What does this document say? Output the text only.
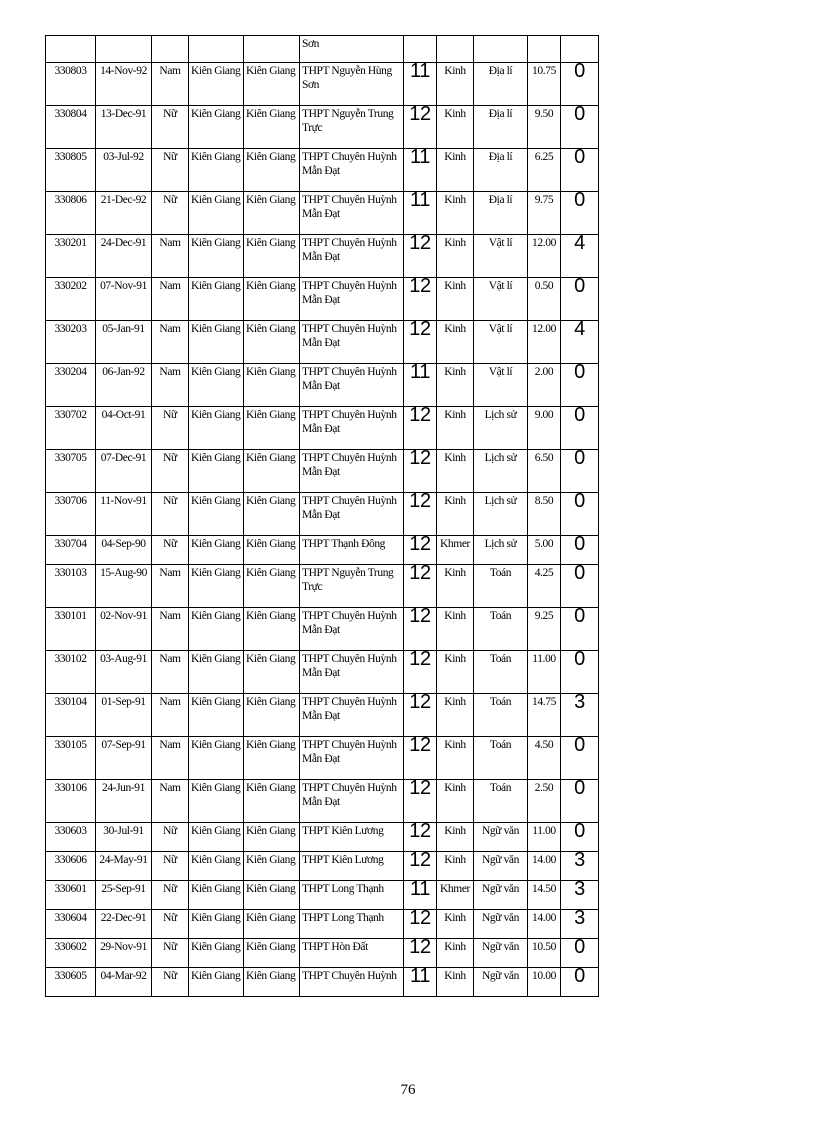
					Sơn					
330803	14-Nov-92	Nam	Kiên Giang	Kiên Giang	THPT Nguyễn Hùng Sơn	11	Kinh	Địa lí	10.75	0
330804	13-Dec-91	Nữ	Kiên Giang	Kiên Giang	THPT Nguyễn Trung Trực	12	Kinh	Địa lí	9.50	0
330805	03-Jul-92	Nữ	Kiên Giang	Kiên Giang	THPT Chuyên Huỳnh Mẫn Đạt	11	Kinh	Địa lí	6.25	0
330806	21-Dec-92	Nữ	Kiên Giang	Kiên Giang	THPT Chuyên Huỳnh Mẫn Đạt	11	Kinh	Địa lí	9.75	0
330201	24-Dec-91	Nam	Kiên Giang	Kiên Giang	THPT Chuyên Huỳnh Mẫn Đạt	12	Kinh	Vật lí	12.00	4
330202	07-Nov-91	Nam	Kiên Giang	Kiên Giang	THPT Chuyên Huỳnh Mẫn Đạt	12	Kinh	Vật lí	0.50	0
330203	05-Jan-91	Nam	Kiên Giang	Kiên Giang	THPT Chuyên Huỳnh Mẫn Đạt	12	Kinh	Vật lí	12.00	4
330204	06-Jan-92	Nam	Kiên Giang	Kiên Giang	THPT Chuyên Huỳnh Mẫn Đạt	11	Kinh	Vật lí	2.00	0
330702	04-Oct-91	Nữ	Kiên Giang	Kiên Giang	THPT Chuyên Huỳnh Mẫn Đạt	12	Kinh	Lịch sử	9.00	0
330705	07-Dec-91	Nữ	Kiên Giang	Kiên Giang	THPT Chuyên Huỳnh Mẫn Đạt	12	Kinh	Lịch sử	6.50	0
330706	11-Nov-91	Nữ	Kiên Giang	Kiên Giang	THPT Chuyên Huỳnh Mẫn Đạt	12	Kinh	Lịch sử	8.50	0
330704	04-Sep-90	Nữ	Kiên Giang	Kiên Giang	THPT Thạnh Đông	12	Khmer	Lịch sử	5.00	0
330103	15-Aug-90	Nam	Kiên Giang	Kiên Giang	THPT Nguyễn Trung Trực	12	Kinh	Toán	4.25	0
330101	02-Nov-91	Nam	Kiên Giang	Kiên Giang	THPT Chuyên Huỳnh Mẫn Đạt	12	Kinh	Toán	9.25	0
330102	03-Aug-91	Nam	Kiên Giang	Kiên Giang	THPT Chuyên Huỳnh Mẫn Đạt	12	Kinh	Toán	11.00	0
330104	01-Sep-91	Nam	Kiên Giang	Kiên Giang	THPT Chuyên Huỳnh Mẫn Đạt	12	Kinh	Toán	14.75	3
330105	07-Sep-91	Nam	Kiên Giang	Kiên Giang	THPT Chuyên Huỳnh Mẫn Đạt	12	Kinh	Toán	4.50	0
330106	24-Jun-91	Nam	Kiên Giang	Kiên Giang	THPT Chuyên Huỳnh Mẫn Đạt	12	Kinh	Toán	2.50	0
330603	30-Jul-91	Nữ	Kiên Giang	Kiên Giang	THPT Kiên Lương	12	Kinh	Ngữ văn	11.00	0
330606	24-May-91	Nữ	Kiên Giang	Kiên Giang	THPT Kiên Lương	12	Kinh	Ngữ văn	14.00	3
330601	25-Sep-91	Nữ	Kiên Giang	Kiên Giang	THPT Long Thạnh	11	Khmer	Ngữ văn	14.50	3
330604	22-Dec-91	Nữ	Kiên Giang	Kiên Giang	THPT Long Thạnh	12	Kinh	Ngữ văn	14.00	3
330602	29-Nov-91	Nữ	Kiên Giang	Kiên Giang	THPT Hòn Đất	12	Kinh	Ngữ văn	10.50	0
330605	04-Mar-92	Nữ	Kiên Giang	Kiên Giang	THPT Chuyên Huỳnh	11	Kinh	Ngữ văn	10.00	0
76
